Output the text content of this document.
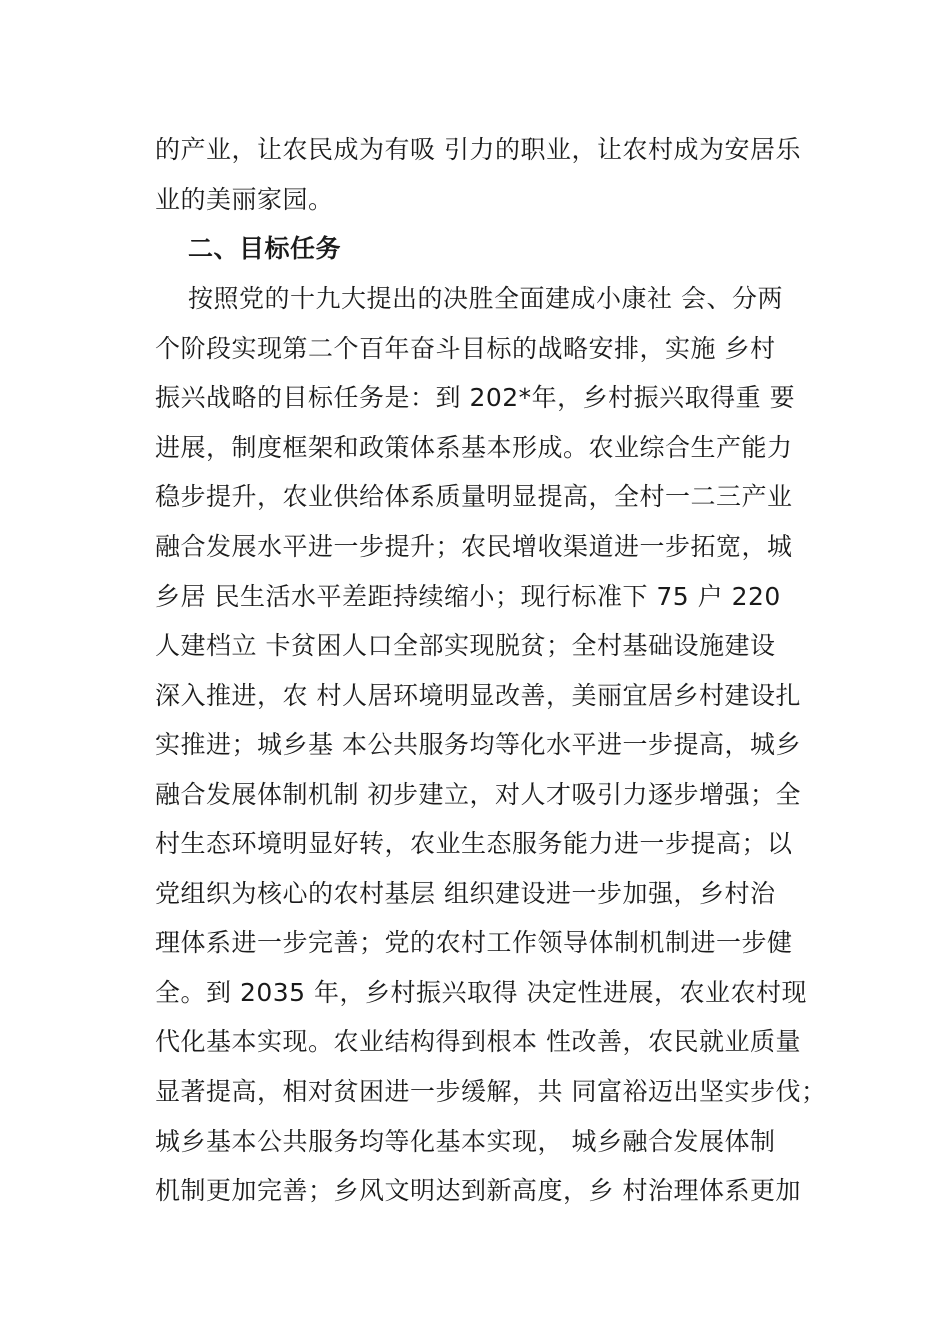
的产业，让农民成为有吸 引力的职业，让农村成为安居乐
业的美丽家园。
二、目标任务
按照党的十九大提出的决胜全面建成小康社 会、分两
个阶段实现第二个百年奋斗目标的战略安排，实施 乡村
振兴战略的目标任务是：到 202*年，乡村振兴取得重 要
进展，制度框架和政策体系基本形成。农业综合生产能力
稳步提升，农业供给体系质量明显提高，全村一二三产业
融合发展水平进一步提升；农民增收渠道进一步拓宽，城
乡居 民生活水平差距持续缩小；现行标准下 75 户 220
人建档立 卡贫困人口全部实现脱贫；全村基础设施建设
深入推进，农 村人居环境明显改善，美丽宜居乡村建设扎
实推进；城乡基 本公共服务均等化水平进一步提高，城乡
融合发展体制机制 初步建立，对人才吸引力逐步增强；全
村生态环境明显好转，农业生态服务能力进一步提高；以
党组织为核心的农村基层 组织建设进一步加强，乡村治
理体系进一步完善；党的农村工作领导体制机制进一步健
全。到 2035 年，乡村振兴取得 决定性进展，农业农村现
代化基本实现。农业结构得到根本 性改善，农民就业质量
显著提高，相对贫困进一步缓解，共 同富裕迈出坚实步伐；
城乡基本公共服务均等化基本实现， 城乡融合发展体制
机制更加完善；乡风文明达到新高度，乡 村治理体系更加
